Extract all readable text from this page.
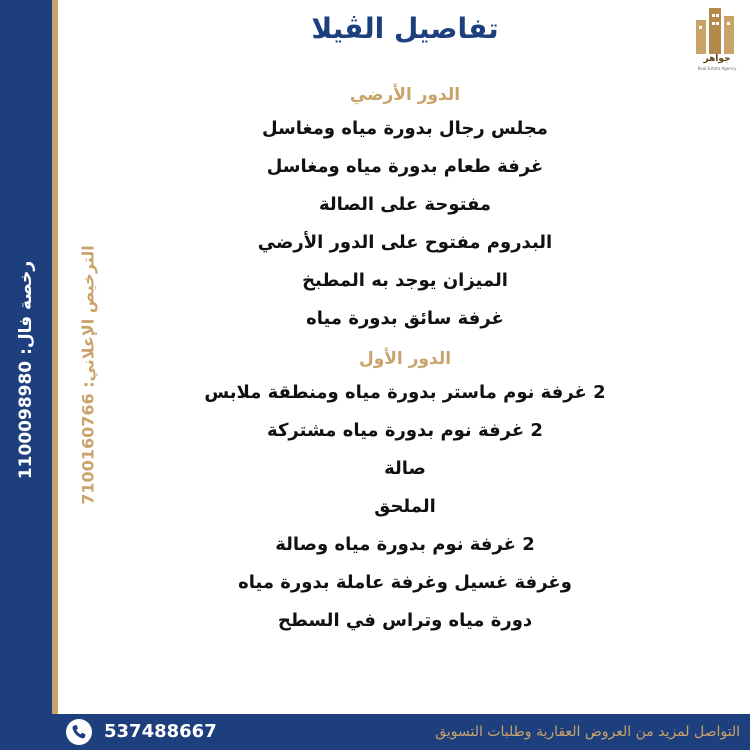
رخصة فال: 1100098980
الترخيص الإعلاني: 7100160766
جواهر
Real Estate Agency
تفاصيل الڤيلا
الدور الأرضي
مجلس رجال بدورة مياه ومغاسل
غرفة طعام بدورة مياه ومغاسل
مفتوحة على الصالة
البدروم مفتوح على الدور الأرضي
الميزان يوجد به المطبخ
غرفة سائق بدورة مياه
الدور الأول
2 غرفة نوم ماستر بدورة مياه ومنطقة ملابس
2 غرفة نوم بدورة مياه مشتركة
صالة
الملحق
2 غرفة نوم بدورة مياه وصالة
وغرفة غسيل وغرفة عاملة بدورة مياه
دورة مياه وتراس في السطح
537488667	التواصل لمزيد من العروض العقارية وطلبات التسويق
